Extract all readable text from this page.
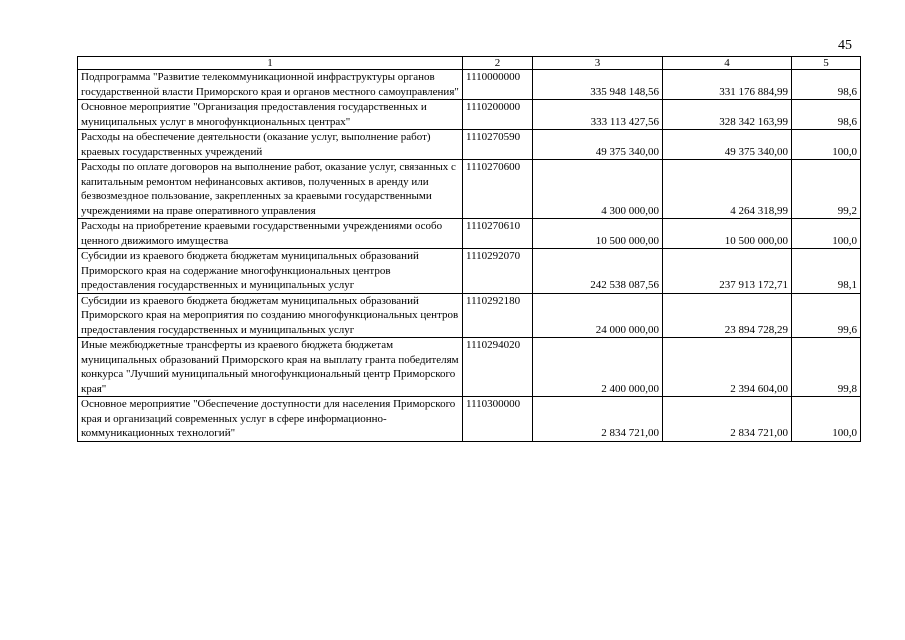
45
1	2	3	4	5
Подпрограмма "Развитие телекоммуникационной инфраструктуры органов государственной власти Приморского края и органов местного самоуправления"	1110000000	335 948 148,56	331 176 884,99	98,6
Основное мероприятие "Организация предоставления государственных и муниципальных услуг в многофункциональных центрах"	1110200000	333 113 427,56	328 342 163,99	98,6
Расходы на обеспечение деятельности (оказание услуг, выполнение работ) краевых государственных учреждений	1110270590	49 375 340,00	49 375 340,00	100,0
Расходы по оплате договоров на выполнение работ, оказание услуг, связанных с капитальным ремонтом нефинансовых активов, полученных в аренду или безвозмездное пользование, закрепленных за краевыми государственными учреждениями на праве оперативного управления	1110270600	4 300 000,00	4 264 318,99	99,2
Расходы на приобретение краевыми государственными учреждениями особо ценного движимого имущества	1110270610	10 500 000,00	10 500 000,00	100,0
Субсидии из краевого бюджета бюджетам муниципальных образований Приморского края на содержание многофункциональных центров предоставления государственных и муниципальных услуг	1110292070	242 538 087,56	237 913 172,71	98,1
Субсидии из краевого бюджета бюджетам муниципальных образований Приморского края на мероприятия по созданию многофункциональных центров предоставления государственных и муниципальных услуг	1110292180	24 000 000,00	23 894 728,29	99,6
Иные межбюджетные трансферты из краевого бюджета бюджетам муниципальных образований Приморского края на выплату гранта победителям конкурса "Лучший муниципальный многофункциональный центр Приморского края"	1110294020	2 400 000,00	2 394 604,00	99,8
Основное мероприятие "Обеспечение доступности для населения Приморского края и организаций современных услуг в сфере информационно-коммуникационных технологий"	1110300000	2 834 721,00	2 834 721,00	100,0
